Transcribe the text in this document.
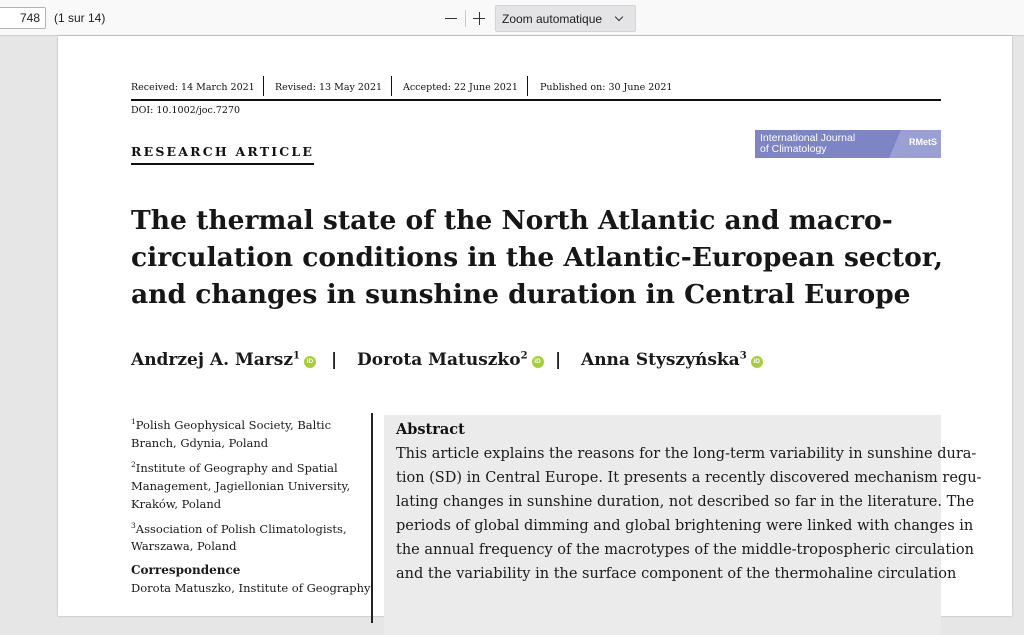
748	(1 sur 14)	Zoom automatique
Received: 14 March 2021 Revised: 13 May 2021 Accepted: 22 June 2021 Published on: 30 June 2021
DOI: 10.1002/joc.7270
RESEARCH ARTICLE
International Journal
of Climatology
RMetS
The thermal state of the North Atlantic and macro-circulation conditions in the Atlantic-European sector, and changes in sunshine duration in Central Europe
Andrzej A. Marsz$^1$iD | Dorota Matuszko$^2$iD | Anna Styszyńska$^3$iD

$^1$Polish Geophysical Society, Baltic Branch, Gdynia, Poland

$^2$Institute of Geography and Spatial Management, Jagiellonian University, Kraków, Poland

$^3$Association of Polish Climatologists, Warszawa, Poland

Correspondence
Dorota Matuszko, Institute of Geography
Abstract
This article explains the reasons for the long-term variability in sunshine dura-
tion (SD) in Central Europe. It presents a recently discovered mechanism regu-
lating changes in sunshine duration, not described so far in the literature. The
periods of global dimming and global brightening were linked with changes in
the annual frequency of the macrotypes of the middle-tropospheric circulation
and the variability in the surface component of the thermohaline circulation
